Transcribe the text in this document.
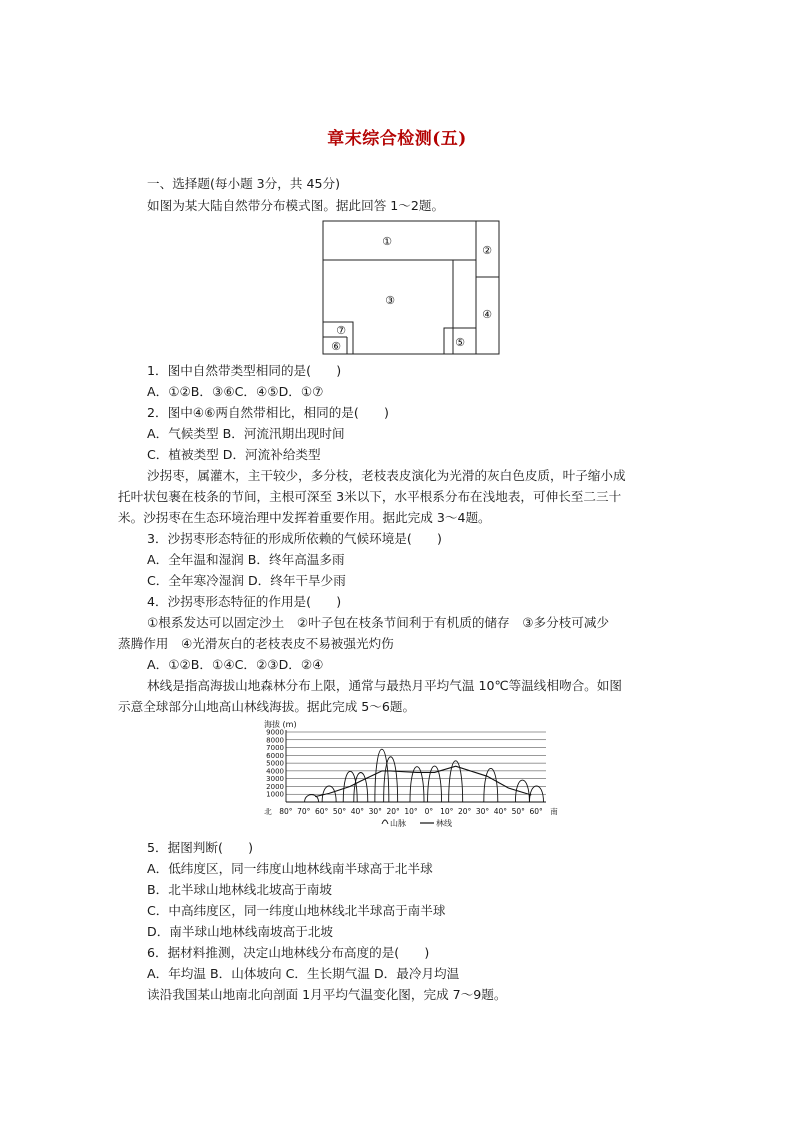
章末综合检测(五)
一、选择题(每小题 3分，共 45分)
如图为某大陆自然带分布模式图。据此回答 1～2题。
①
②
③
④
⑤
⑥
⑦
1．图中自然带类型相同的是(　　)
A．①②B．③⑥C．④⑤D．①⑦
2．图中④⑥两自然带相比，相同的是(　　)
A．气候类型 B．河流汛期出现时间
C．植被类型 D．河流补给类型
沙拐枣，属灌木，主干较少，多分枝，老枝表皮演化为光滑的灰白色皮质，叶子缩小成
托叶状包裹在枝条的节间，主根可深至 3米以下，水平根系分布在浅地表，可伸长至二三十
米。沙拐枣在生态环境治理中发挥着重要作用。据此完成 3～4题。
3．沙拐枣形态特征的形成所依赖的气候环境是(　　)
A．全年温和湿润 B．终年高温多雨
C．全年寒冷湿润 D．终年干旱少雨
4．沙拐枣形态特征的作用是(　　)
①根系发达可以固定沙土　②叶子包在枝条节间利于有机质的储存　③多分枝可减少
蒸腾作用　④光滑灰白的老枝表皮不易被强光灼伤
A．①②B．①④C．②③D．②④
林线是指高海拔山地森林分布上限，通常与最热月平均气温 10℃等温线相吻合。如图
示意全球部分山地高山林线海拔。据此完成 5～6题。
海拔 (m)
1000
2000
3000
4000
5000
6000
7000
8000
9000
北 80° 70° 60° 50° 40° 30° 20° 10° 0° 10° 20° 30° 40° 50° 60° 南
山脉	林线
5．据图判断(　　)
A．低纬度区，同一纬度山地林线南半球高于北半球
B．北半球山地林线北坡高于南坡
C．中高纬度区，同一纬度山地林线北半球高于南半球
D．南半球山地林线南坡高于北坡
6．据材料推测，决定山地林线分布高度的是(　　)
A．年均温 B．山体坡向 C．生长期气温 D．最冷月均温
读沿我国某山地南北向剖面 1月平均气温变化图，完成 7～9题。
